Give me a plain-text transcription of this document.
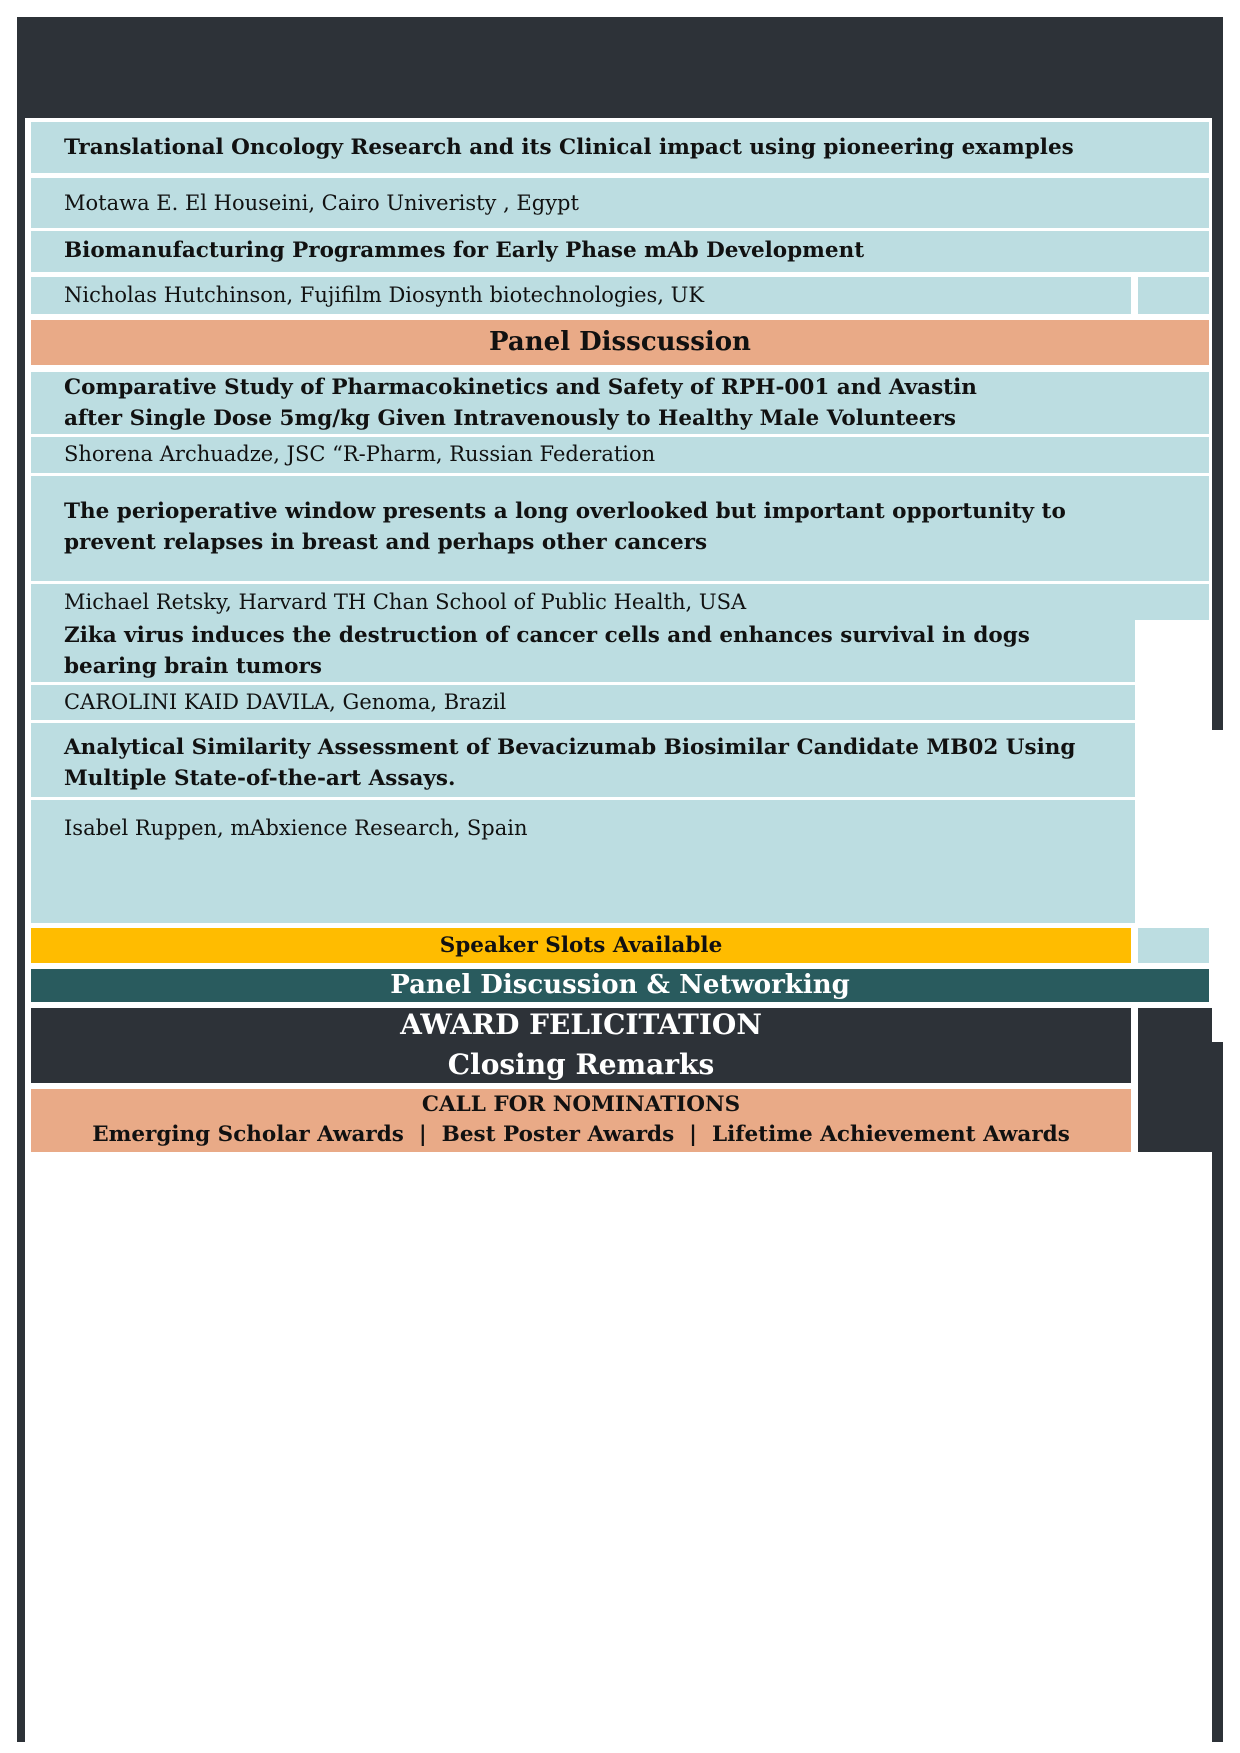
Translational Oncology Research and its Clinical impact using pioneering examples
Motawa E. El Houseini, Cairo Univeristy , Egypt
Biomanufacturing Programmes for Early Phase mAb Development
Nicholas Hutchinson, Fujifilm Diosynth biotechnologies, UK
Panel Disscussion
Comparative Study of Pharmacokinetics and Safety of RPH-001 and Avastin
after Single Dose 5mg/kg Given Intravenously to Healthy Male Volunteers
Shorena Archuadze, JSC “R-Pharm, Russian Federation
The perioperative window presents a long overlooked but important opportunity to prevent relapses in breast and perhaps other cancers
Michael Retsky, Harvard TH Chan School of Public Health, USA
Zika virus induces the destruction of cancer cells and enhances survival in dogs bearing brain tumors
CAROLINI KAID DAVILA, Genoma, Brazil
Analytical Similarity Assessment of Bevacizumab Biosimilar Candidate MB02 Using Multiple State-of-the-art Assays.
Isabel Ruppen, mAbxience Research, Spain
Speaker Slots Available
Panel Discussion & Networking
AWARD FELICITATION
Closing Remarks
CALL FOR NOMINATIONS
Emerging Scholar Awards  |  Best Poster Awards  |  Lifetime Achievement Awards
